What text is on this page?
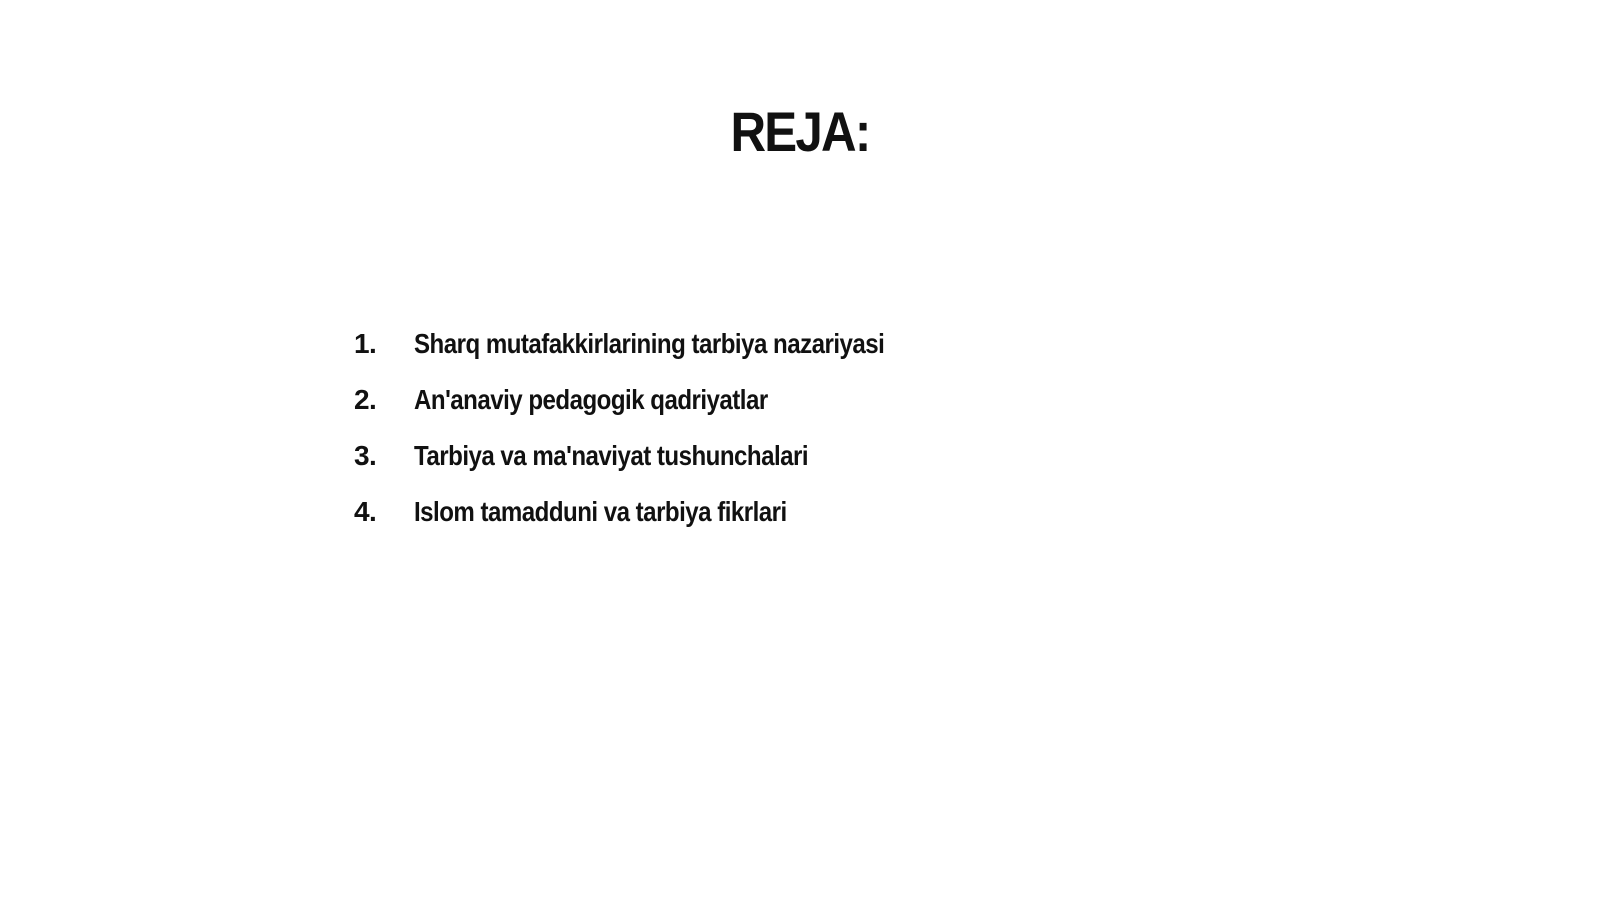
REJA:
1.	Sharq mutafakkirlarining tarbiya nazariyasi
2.	An'anaviy pedagogik qadriyatlar
3.	Tarbiya va ma'naviyat tushunchalari
4.	Islom tamadduni va tarbiya fikrlari
